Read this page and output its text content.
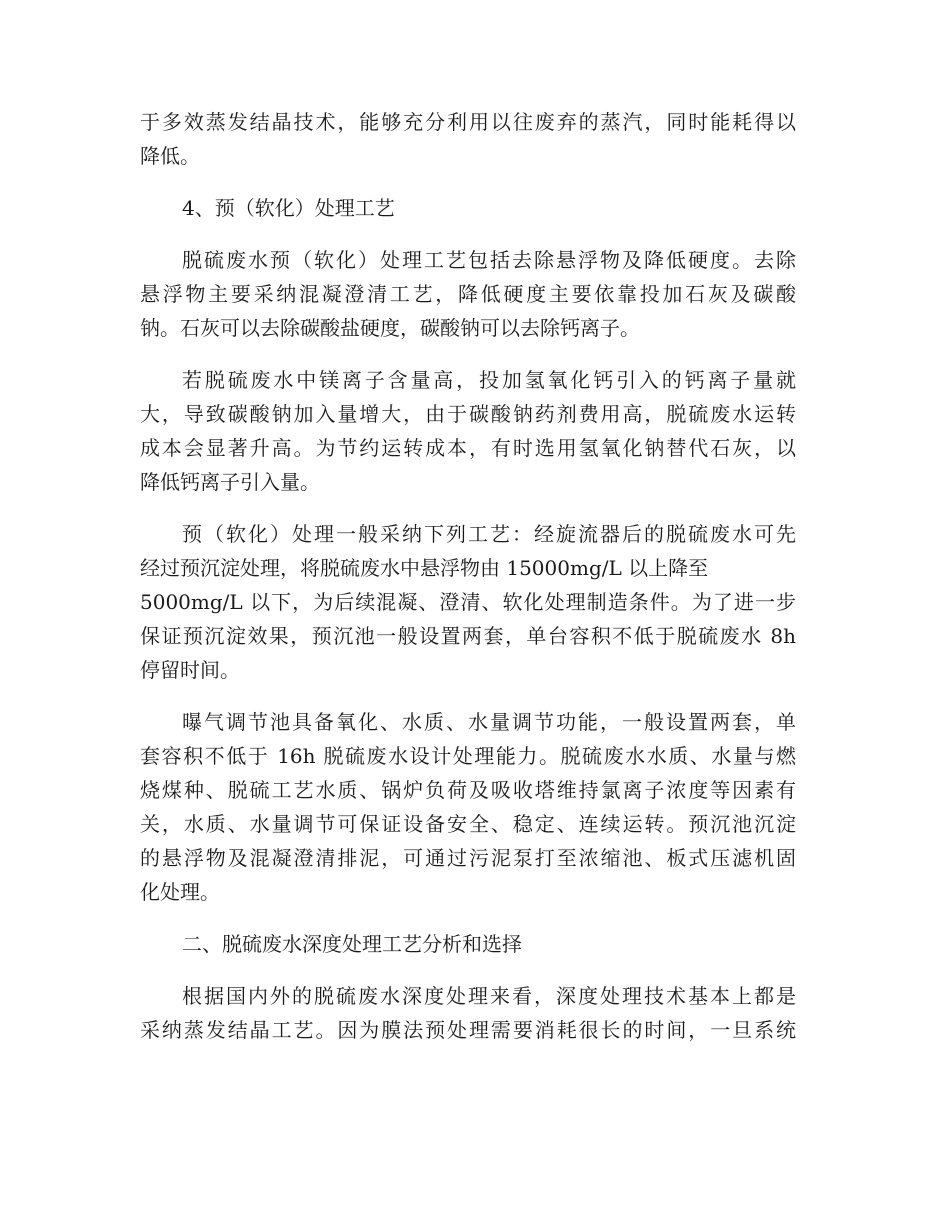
于多效蒸发结晶技术，能够充分利用以往废弃的蒸汽，同时能耗得以
降低。
4、预（软化）处理工艺
脱硫废水预（软化）处理工艺包括去除悬浮物及降低硬度。去除
悬浮物主要采纳混凝澄清工艺，降低硬度主要依靠投加石灰及碳酸
钠。石灰可以去除碳酸盐硬度，碳酸钠可以去除钙离子。
若脱硫废水中镁离子含量高，投加氢氧化钙引入的钙离子量就
大，导致碳酸钠加入量增大，由于碳酸钠药剂费用高，脱硫废水运转
成本会显著升高。为节约运转成本，有时选用氢氧化钠替代石灰，以
降低钙离子引入量。
预（软化）处理一般采纳下列工艺：经旋流器后的脱硫废水可先
经过预沉淀处理，将脱硫废水中悬浮物由 15000mg/L 以上降至
5000mg/L 以下，为后续混凝、澄清、软化处理制造条件。为了进一步
保证预沉淀效果，预沉池一般设置两套，单台容积不低于脱硫废水 8h
停留时间。
曝气调节池具备氧化、水质、水量调节功能，一般设置两套，单
套容积不低于 16h 脱硫废水设计处理能力。脱硫废水水质、水量与燃
烧煤种、脱硫工艺水质、锅炉负荷及吸收塔维持氯离子浓度等因素有
关，水质、水量调节可保证设备安全、稳定、连续运转。预沉池沉淀
的悬浮物及混凝澄清排泥，可通过污泥泵打至浓缩池、板式压滤机固
化处理。
二、脱硫废水深度处理工艺分析和选择
根据国内外的脱硫废水深度处理来看，深度处理技术基本上都是
采纳蒸发结晶工艺。因为膜法预处理需要消耗很长的时间，一旦系统
